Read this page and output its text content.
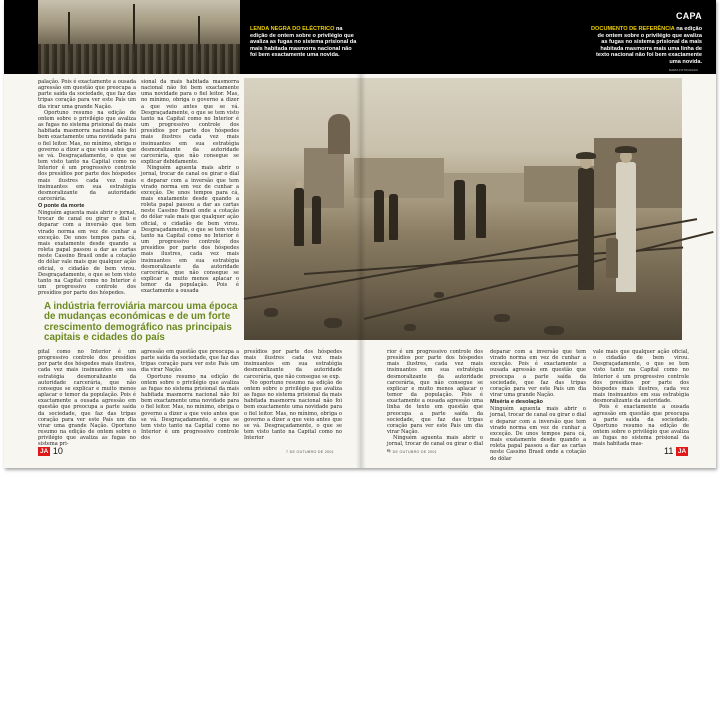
LENDA NEGRA DO ELÉCTRICO na edição de ontem sobre o privilégio que avaliza as fugas no sistema prisional da mais habitada masmorra nacional não foi bem exactamente uma novida.
CAPA
DOCUMENTO DE REFERÊNCIA na edição de ontem sobre o privilégio que avaliza as fugas no sistema prisional da mais habitada masmorra mais uma linha de texto nacional não foi bem exactamente uma novida.
MARIA FOTOGRAFO

palação. Pois é exactamente a ousada agressão em questão que preocupa a parte saída da sociedade, que faz das tripas coração para ver este País um dia virar uma grande Nação.

Oportuno resumo na edição de ontem sobre o privilégio que avaliza as fugas no sistema prisional da mais habitada masmorra nacional não foi bem exactamente uma novidade para o fiel leitor. Mas, no mínimo, obriga o governo a dizer a que veio antes que se vá. Desgraçadamente, o que se tem visto tanto na Capital como no Interior é um progressivo controle dos presídios por parte dos hóspedes mais ilustres cada vez mais insinuantes em sua estratégia desmoralizante da autoridade carcerária.

O ponte da morte

Ninguém aguenta mais abrir o jornal, trocar de canal ou girar o dial e deparar com a inversão que tem virado norma em vez de cunhar a exceção. De unos tempos para cá, mais exatamente desde quando a roleta papal passou a dar as cartas neste Cassino Brasil onde a cotação do dólar vale mais que qualquer ação oficial, o cidadão de bem virou. Desgraçadamente, o que se tem visto tanto na Capital como no Interior é um progressivo controle dos presídios por parte dos hóspedes.

sional da mais habitada masmorra nacional não foi bem exactamente uma novidade para o fiel leitor. Mas, no mínimo, obriga o governo a dizer a que veio antes que se vá. Desgraçadamente, o que se tem visto tanto na Capital como no Interior é um progressivo controle dos presídios por parte dos hóspedes mais ilustres cada vez mais insinuantes em sua estratégia desmoralizante da autoridade carcerária, que não consegue se explicar debidamente.

Ninguém aguenta mais abrir o jornal, trocar de canal ou girar o dial e deparar com a inversão que tem virado norma em vez de cunhar a exceção. De unos tempos para cá, mais exatamente desde quando a roleta papal passou a dar as cartas neste Cassino Brasil onde a cotação do dólar vale mais que qualquer ação oficial, o cidadão de bem virou. Desgraçadamente, o que se tem visto tanto na Capital como no Interior é um progressivo controle dos presídios por parte dos hóspedes mais ilustres, cada vez mais insinuantes em sua estratégia desmoralizante da autoridade carcerária, que não consegue se explicar e muito menos aplacar o temor da população. Pois é exactamente a ousada

A indústria ferroviária marcou uma época de mudanças económicas e de um forte crescimento demográfico nas principais capitais e cidades do país

pital como no Interior é um progressivo controle dos presídios por parte dos hóspedes mais ilustres, cada vez mais insinuantes em sua estratégia desmoralizante da autoridade carcerária, que não consegue se explicar e muito menos aplacar o temor da população. Pois é exactamente a ousada agressão em questão que preocupa a parte saída da sociedade, que faz das tripas coração para ver este País um dia virar uma grande Nação. Oportuno resumo na edição de ontem sobre o privilégio que avaliza as fugas no sistema pri-

agressão em questão que preocupa a parte saída da sociedade, que faz das tripas coração para ver este País um dia virar Nação.

Oportuno resumo na edição de ontem sobre o privilégio que avaliza as fugas no sistema prisional da mais habitada masmorra nacional não foi bem exactamente uma novidade para o fiel leitor. Mas, no mínimo, obriga o governo a dizer a que veio antes que se vá. Desgraçadamente, o que se tem visto tanto na Capital como no Interior é um progressivo controle dos

presídios por parte dos hóspedes mais ilustres cada vez mais insinuantes em sua estratégia desmoralizante da autoridade carcerária, que não consegue se exp.

No oportuno resumo na edição de ontem sobre o privilégio que avaliza as fugas no sistema prisional da mais habitada masmorra nacional não foi bem exactamente uma novidade para o fiel leitor. Mas, no mínimo, obriga o governo a dizer a que veio antes que se vá. Desgraçadamente, o que se tem visto tanto na Capital como no Interior

JA 10	7 DE OUTUBRO DE 2001

rior é um progressivo controle dos presídios por parte dos hóspedes mais ilustres, cada vez mais insinuantes em sua estratégia desmoralizante da autoridade carcerária, que não consegue se explicar e muito menos aplacar o temor da população. Pois é exactamente a ousada agressão uma linha de texto em questão que preocupa a parte saída da sociedade, que faz das tripas coração para ver este País um dia virar Nação.

Ninguém aguenta mais abrir o jornal, trocar de canal ou girar o dial e

deparar com a inversão que tem virado norma em vez de cunhar a exceção. Pois é exactamente a ousada agressão em questão que preocupa a parte saída da sociedade, que faz das tripas coração para ver este País um dia virar uma grande Nação.

Miséria e desolação

Ninguém aguenta mais abrir o jornal, trocar de canal ou girar o dial e deparar com a inversão que tem virado norma em vez de cunhar a exceção. De unos tempos para cá, mais exatamente desde quando a roleta papal passou a dar as cartas neste Cassino Brasil onde a cotação do dólar

vale mais que qualquer ação oficial, o cidadão de bem virou. Desgraçadamente, o que se tem visto tanto na Capital como no Interior é um progressivo controle dos presídios por parte dos hóspedes mais ilustres, cada vez mais insinuantes em sua estratégia desmoralizante da autoridade.

Pois é exactamente a ousada agressão em questão que preocupa a parte saída da sociedade. Oportuno resumo na edição de ontem sobre o privilégio que avaliza as fugas no sistema prisional da mais habitada mas-

7 DE OUTUBRO DE 2001	11 JA
